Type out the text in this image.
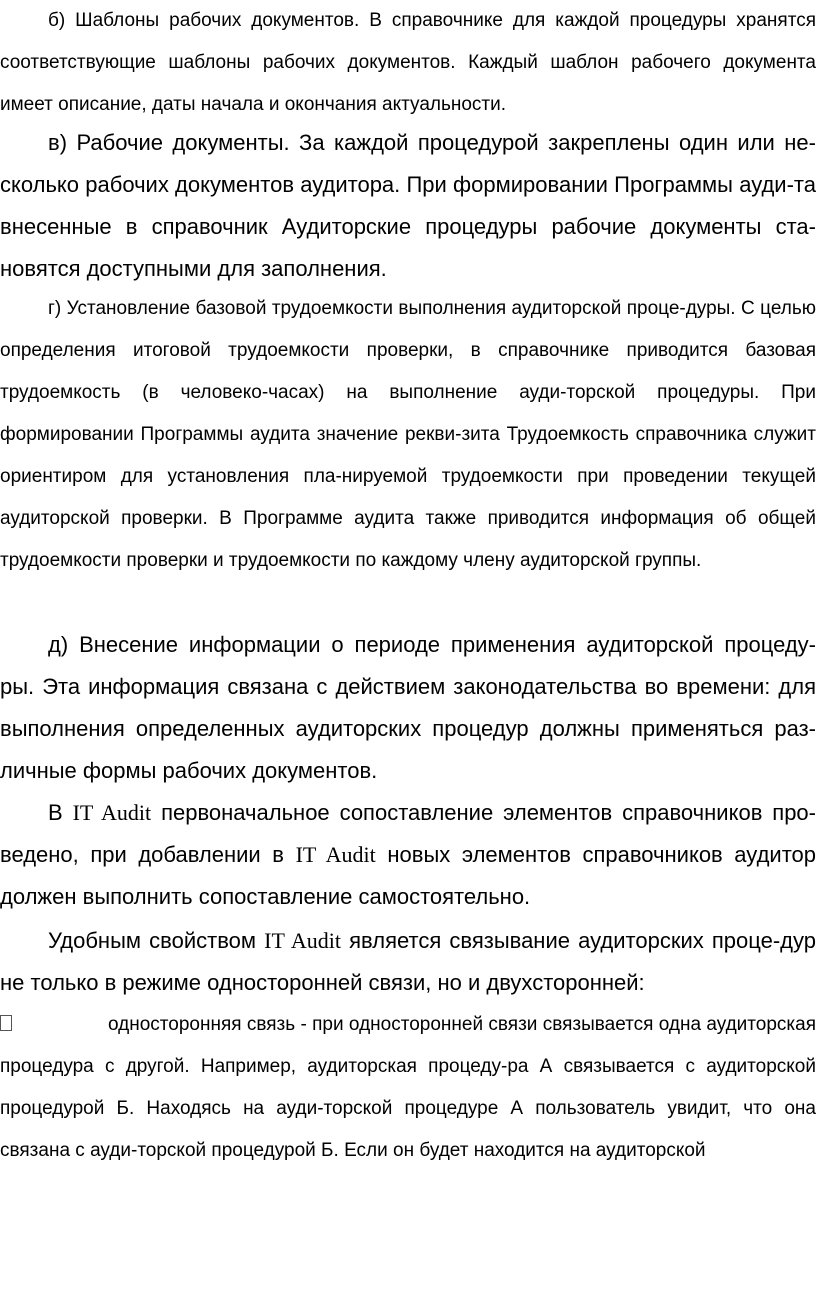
б) Шаблоны рабочих документов. В справочнике для каждой процедуры хранятся соответствующие шаблоны рабочих документов. Каждый шаблон рабочего документа имеет описание, даты начала и окончания актуальности.

в) Рабочие документы. За каждой процедурой закреплены один или не-сколько рабочих документов аудитора. При формировании Программы ауди-та внесенные в справочник Аудиторские процедуры рабочие документы ста-новятся доступными для заполнения.

г) Установление базовой трудоемкости выполнения аудиторской проце-дуры. С целью определения итоговой трудоемкости проверки, в справочнике приводится базовая трудоемкость (в человеко-часах) на выполнение ауди-торской процедуры. При формировании Программы аудита значение рекви-зита Трудоемкость справочника служит ориентиром для установления пла-нируемой трудоемкости при проведении текущей аудиторской проверки. В Программе аудита также приводится информация об общей трудоемкости проверки и трудоемкости по каждому члену аудиторской группы.

д) Внесение информации о периоде применения аудиторской процеду-ры. Эта информация связана с действием законодательства во времени: для выполнения определенных аудиторских процедур должны применяться раз-личные формы рабочих документов.

В IT Audit первоначальное сопоставление элементов справочников про-ведено, при добавлении в IT Audit новых элементов справочников аудитор должен выполнить сопоставление самостоятельно.

Удобным свойством IT Audit является связывание аудиторских проце-дур не только в режиме односторонней связи, но и двухсторонней:

односторонняя связь - при односторонней связи связывается одна аудиторская процедура с другой. Например, аудиторская процеду-ра А связывается с аудиторской процедурой Б. Находясь на ауди-торской процедуре А пользователь увидит, что она связана с ауди-торской процедурой Б. Если он будет находится на аудиторской
